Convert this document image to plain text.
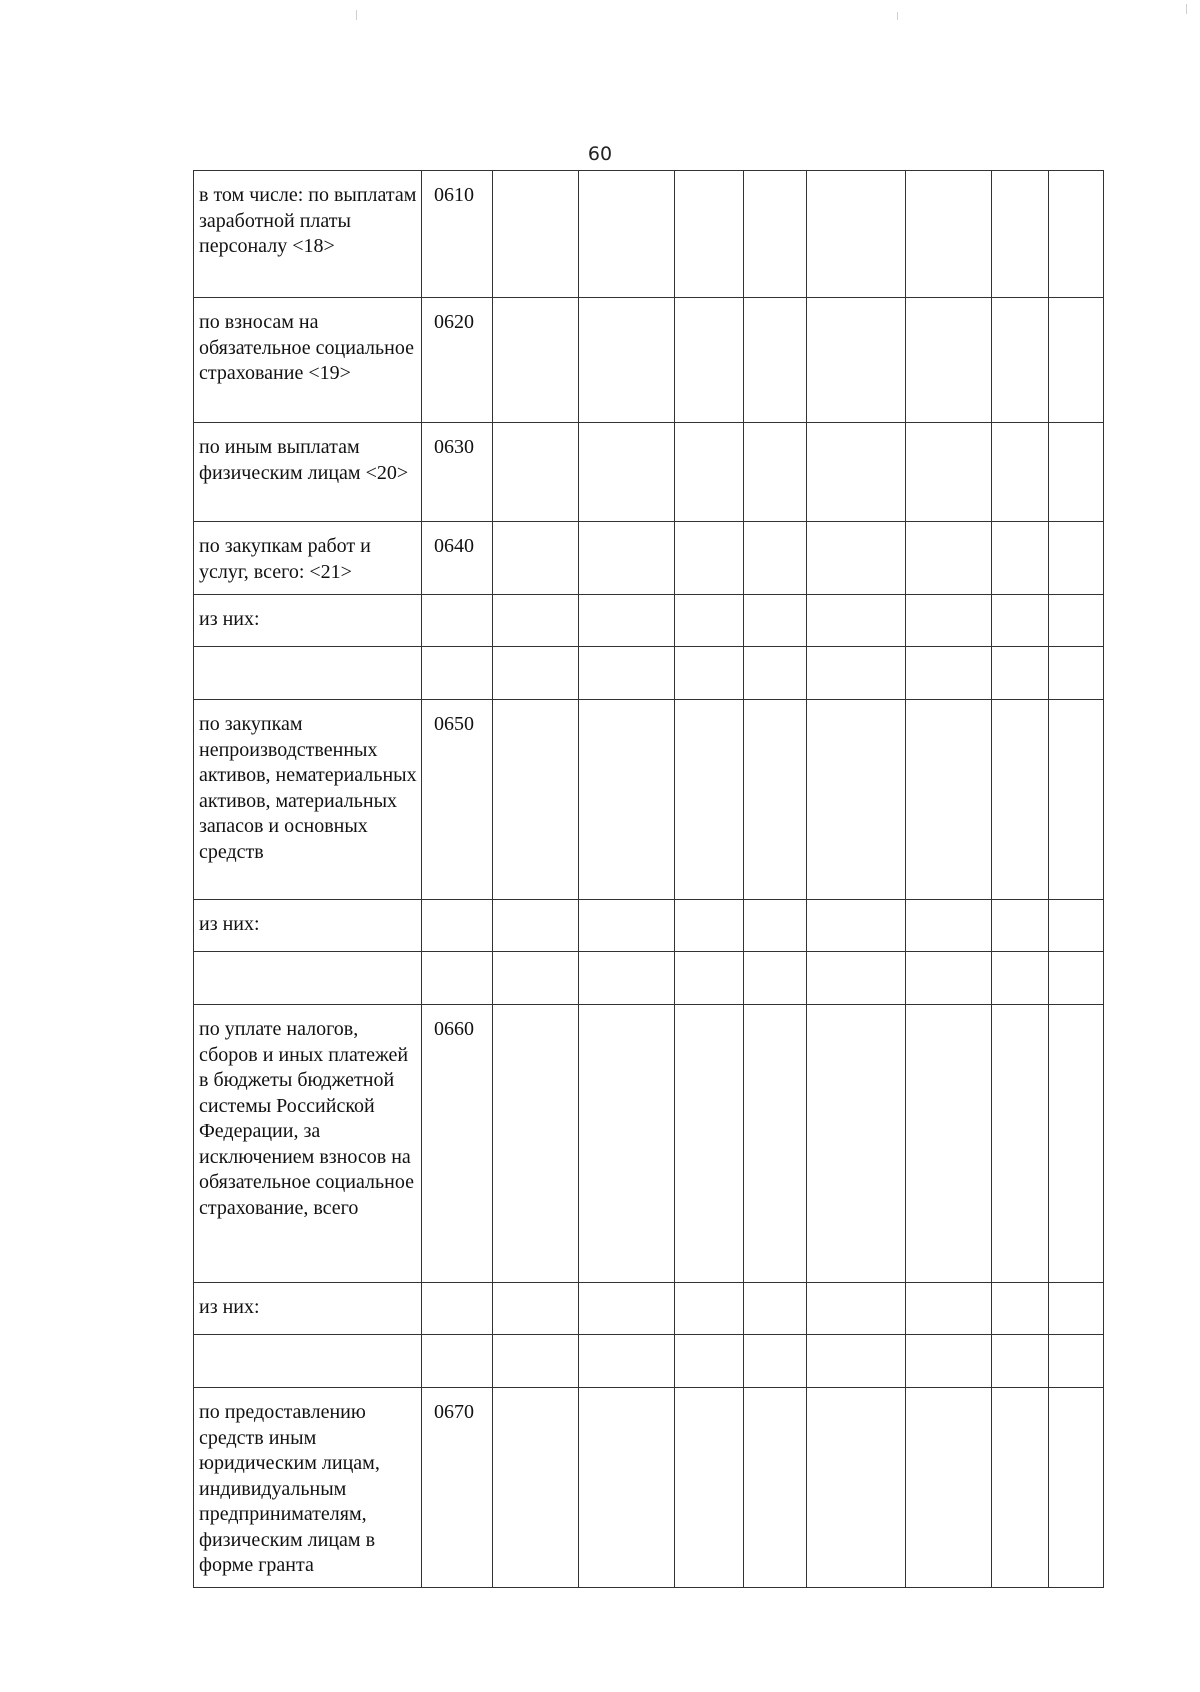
60
в том числе: по выплатам заработной платы персоналу <18>	0610								
по взносам на обязательное социальное страхование <19>	0620								
по иным выплатам физическим лицам <20>	0630								
по закупкам работ и услуг, всего: <21>	0640								
из них:									

по закупкам непроизводственных активов, нематериальных активов, материальных запасов и основных средств	0650								
из них:									

по уплате налогов, сборов и иных платежей в бюджеты бюджетной системы Российской Федерации, за исключением взносов на обязательное социальное страхование, всего	0660								
из них:									

по предоставлению средств иным юридическим лицам, индивидуальным предпринимателям, физическим лицам в форме гранта	0670								
